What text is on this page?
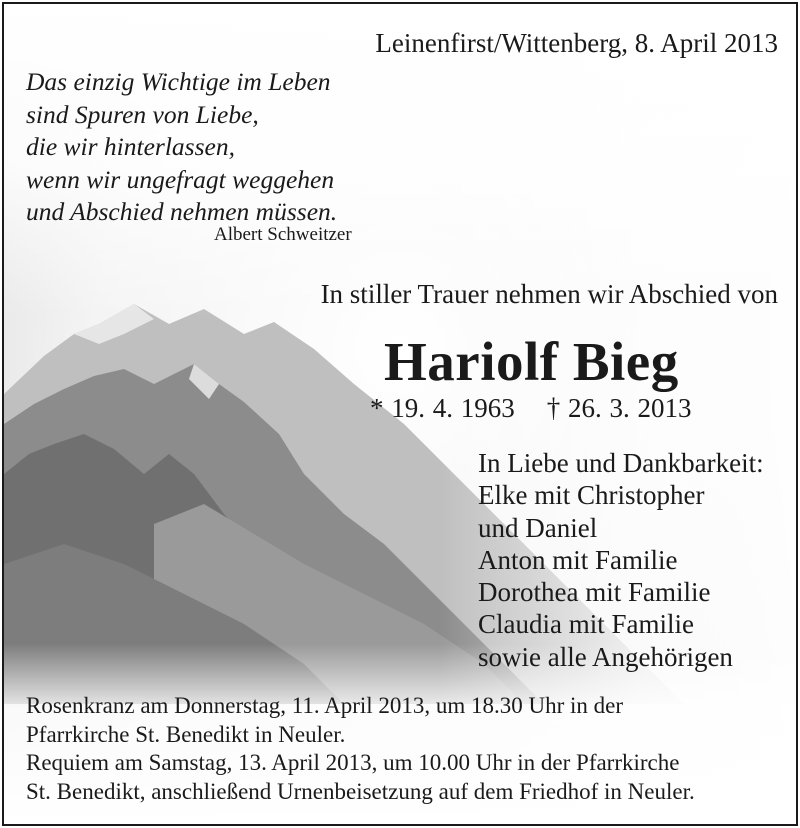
Leinenfirst/Wittenberg, 8. April 2013
Das einzig Wichtige im Leben
sind Spuren von Liebe,
die wir hinterlassen,
wenn wir ungefragt weggehen
und Abschied nehmen müssen.
Albert Schweitzer
In stiller Trauer nehmen wir Abschied von
Hariolf Bieg
* 19. 4. 1963 † 26. 3. 2013
In Liebe und Dankbarkeit:
Elke mit Christopher
und Daniel
Anton mit Familie
Dorothea mit Familie
Claudia mit Familie
sowie alle Angehörigen
Rosenkranz am Donnerstag, 11. April 2013, um 18.30 Uhr in der
Pfarrkirche St. Benedikt in Neuler.
Requiem am Samstag, 13. April 2013, um 10.00 Uhr in der Pfarrkirche
St. Benedikt, anschließend Urnenbeisetzung auf dem Friedhof in Neuler.
